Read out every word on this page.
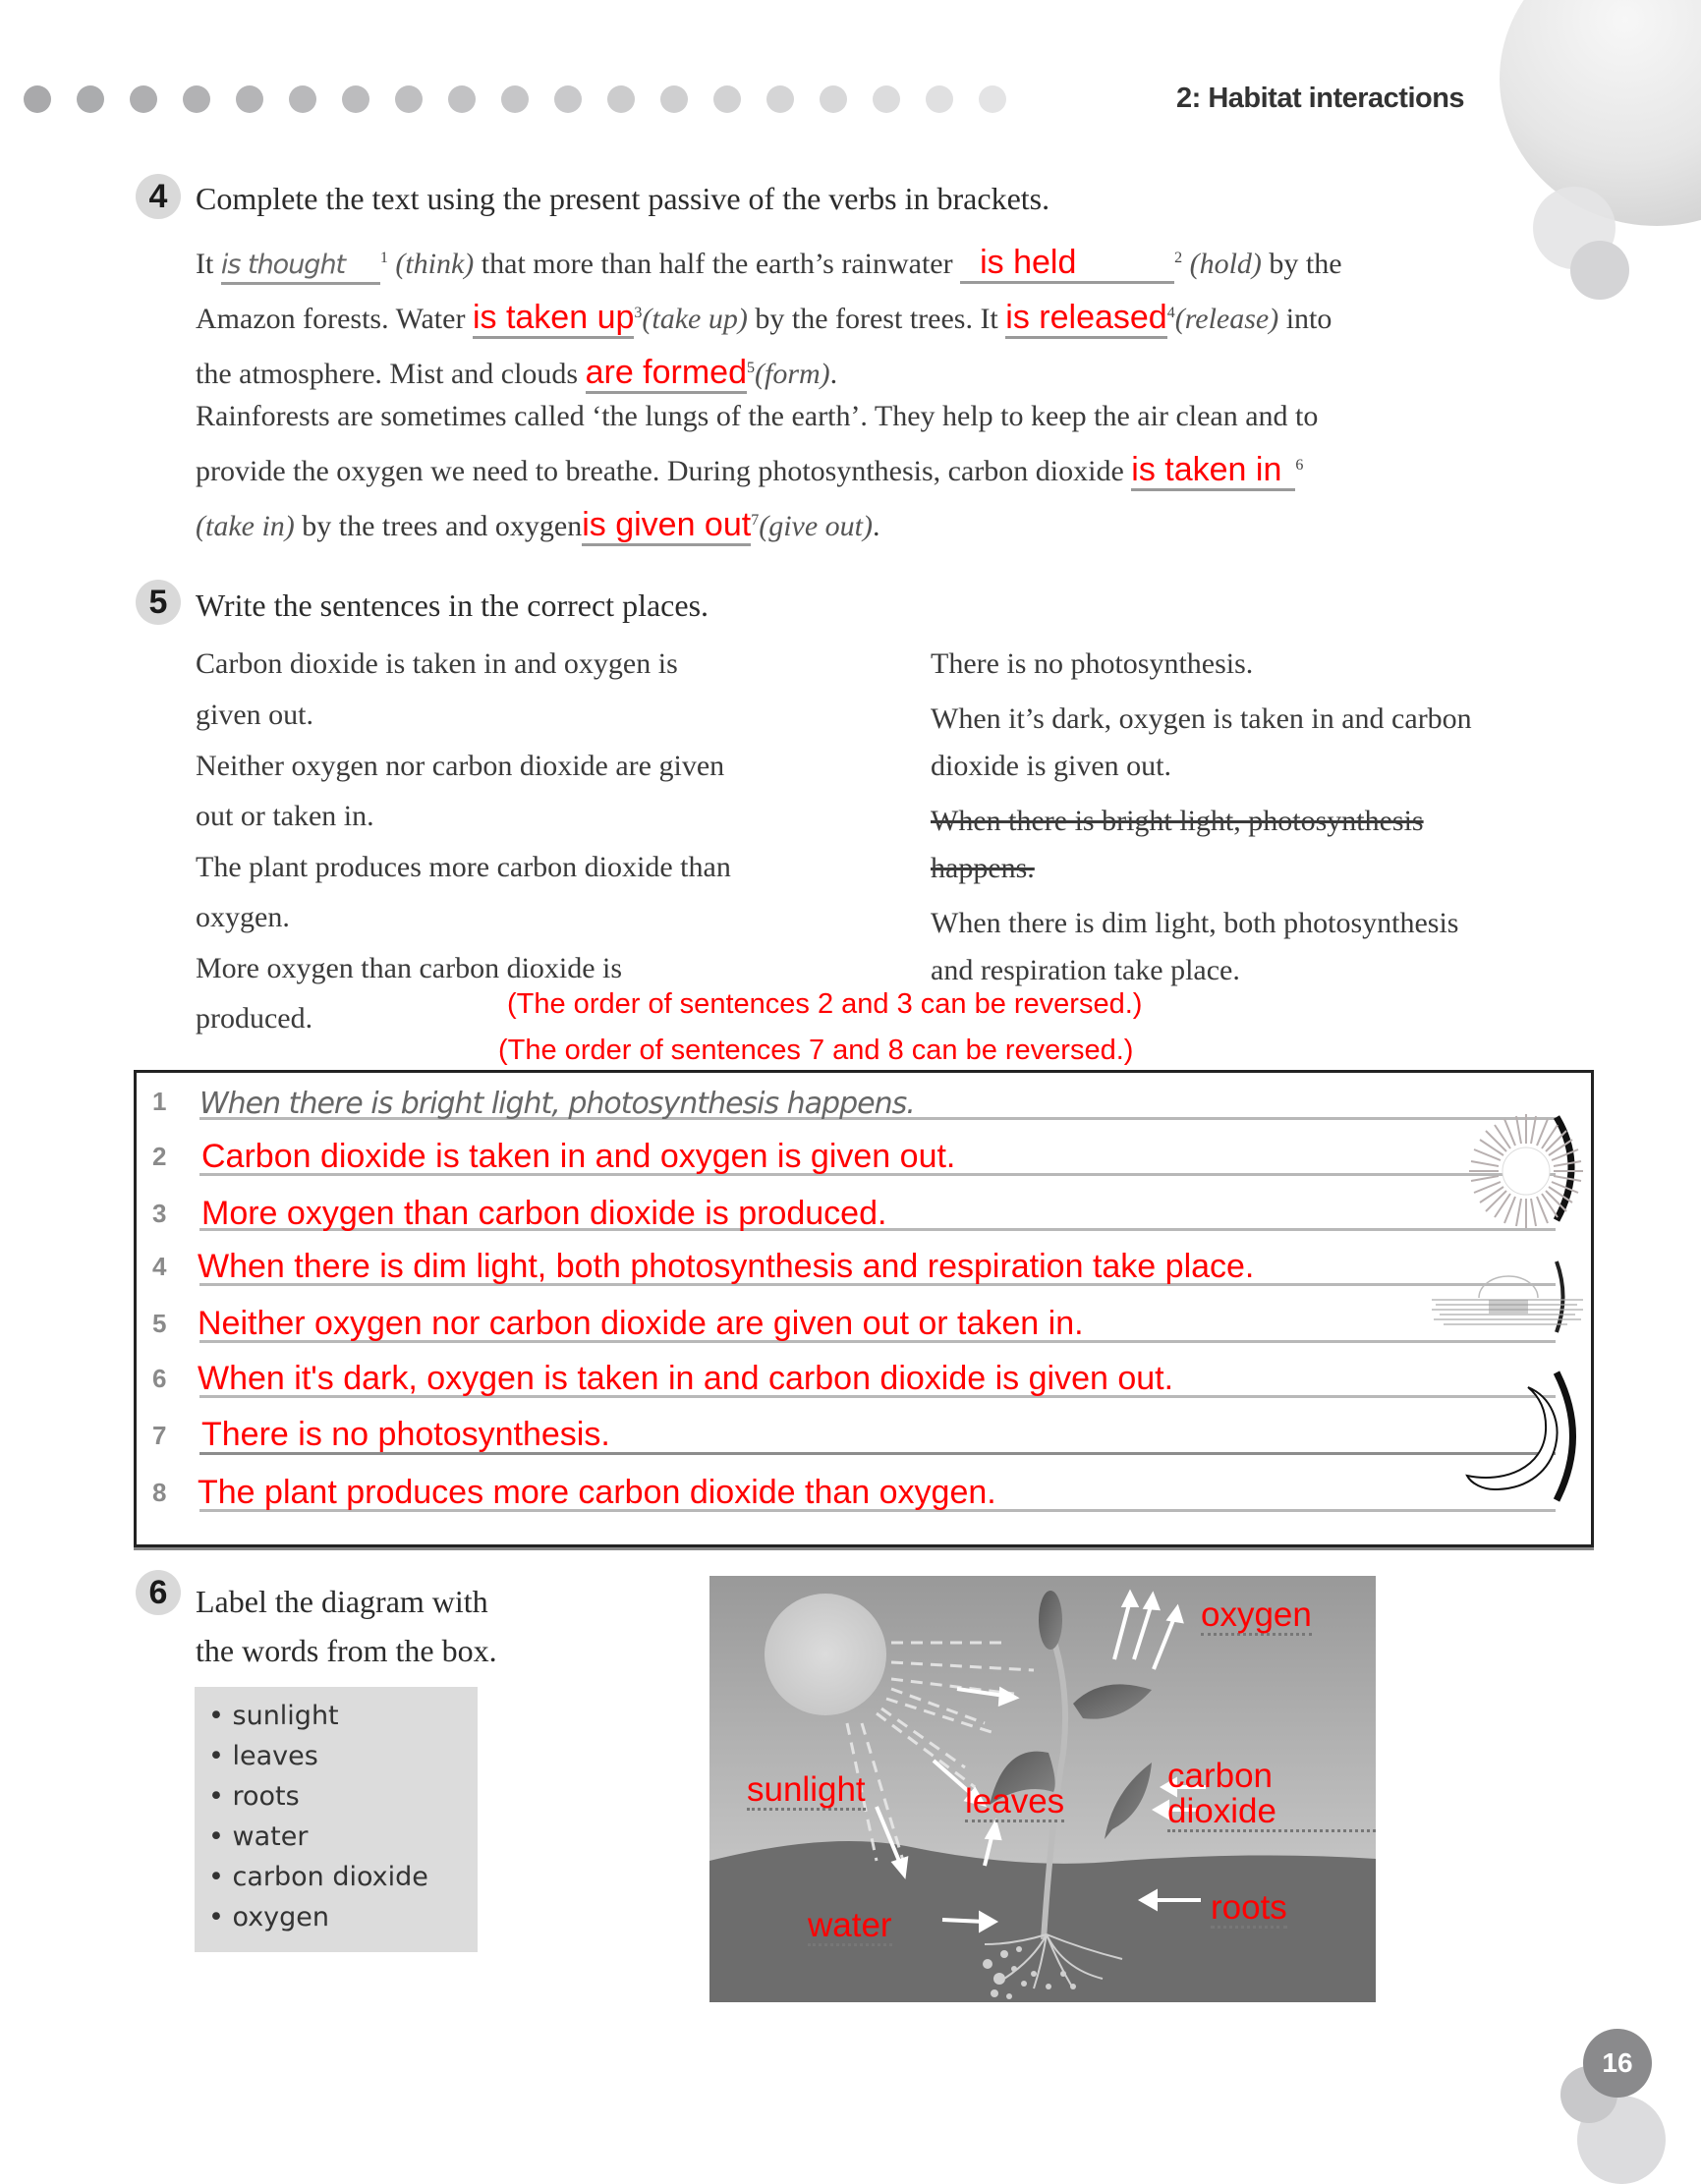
2: Habitat interactions
4 Complete the text using the present passive of the verbs in brackets.
It is thought $^1$ (think) that more than half the earth’s rainwater is held	$^2$ (hold) by the
Amazon forests. Water is taken $up^3(take$ up) by the forest trees. It is released$^4$(release) into
the atmosphere. Mist and clouds are formed$^5$(form).
Rainforests are sometimes called ‘the lungs of the earth’. They help to keep the air clean and to
provide the oxygen we need to breathe. During photosynthesis, carbon dioxide is taken in $^6$
(take in) by the trees and oxygenis given out$^7$(give out).
5 Write the sentences in the correct places.
Carbon dioxide is taken in and oxygen is
given out.
Neither oxygen nor carbon dioxide are given
out or taken in.
The plant produces more carbon dioxide than
oxygen.
More oxygen than carbon dioxide is
produced.
There is no photosynthesis.
When it’s dark, oxygen is taken in and carbon
dioxide is given out.
When there is bright light, photosynthesis
happens.
When there is dim light, both photosynthesis
and respiration take place.
(The order of sentences 2 and 3 can be reversed.)
(The order of sentences 7 and 8 can be reversed.)
1	When there is bright light, photosynthesis happens.
2	Carbon dioxide is taken in and oxygen is given out.
3	More oxygen than carbon dioxide is produced.
4 When there is dim light, both photosynthesis and respiration take place.
5 Neither oxygen nor carbon dioxide are given out or taken in.
6 When it's dark, oxygen is taken in and carbon dioxide is given out.
7	There is no photosynthesis.
8 The plant produces more carbon dioxide than oxygen.
6 Label the diagram with
the words from the box.
• sunlight
• leaves
• roots
• water
• carbon dioxide
• oxygen
oxygen
carbon dioxide
sunlight	leaves
roots
water
16
